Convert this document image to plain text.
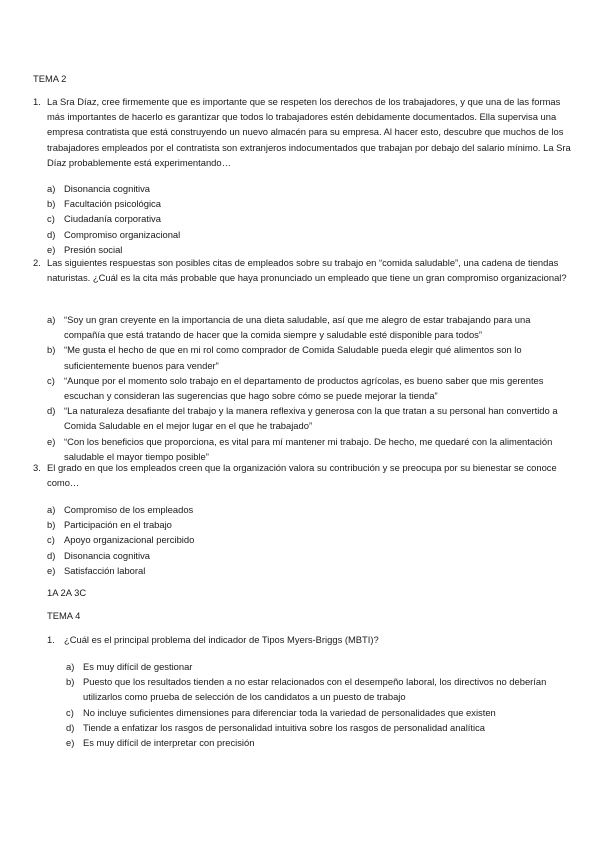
TEMA 2
1. La Sra Díaz, cree firmemente que es importante que se respeten los derechos de los trabajadores, y que una de las formas más importantes de hacerlo es garantizar que todos lo trabajadores estén debidamente documentados. Ella supervisa una empresa contratista que está construyendo un nuevo almacén para su empresa. Al hacer esto, descubre que muchos de los trabajadores empleados por el contratista son extranjeros indocumentados que trabajan por debajo del salario mínimo. La Sra Díaz probablemente está experimentando…
a) Disonancia cognitiva
b) Facultación psicológica
c) Ciudadanía corporativa
d) Compromiso organizacional
e) Presión social
2. Las siguientes respuestas son posibles citas de empleados sobre su trabajo en “comida saludable”, una cadena de tiendas naturistas. ¿Cuál es la cita más probable que haya pronunciado un empleado que tiene un gran compromiso organizacional?
a) “Soy un gran creyente en la importancia de una dieta saludable, así que me alegro de estar trabajando para una compañía que está tratando de hacer que la comida siempre y saludable esté disponible para todos”
b) “Me gusta el hecho de que en mi rol como comprador de Comida Saludable pueda elegir qué alimentos son lo suficientemente buenos para vender”
c) “Aunque por el momento solo trabajo en el departamento de productos agrícolas, es bueno saber que mis gerentes escuchan y consideran las sugerencias que hago sobre cómo se puede mejorar la tienda”
d) “La naturaleza desafiante del trabajo y la manera reflexiva y generosa con la que tratan a su personal han convertido a Comida Saludable en el mejor lugar en el que he trabajado”
e) “Con los beneficios que proporciona, es vital para mí mantener mi trabajo. De hecho, me quedaré con la alimentación saludable el mayor tiempo posible”
3. El grado en que los empleados creen que la organización valora su contribución y se preocupa por su bienestar se conoce como…
a) Compromiso de los empleados
b) Participación en el trabajo
c) Apoyo organizacional percibido
d) Disonancia cognitiva
e) Satisfacción laboral
1A 2A 3C
TEMA 4
1. ¿Cuál es el principal problema del indicador de Tipos Myers-Briggs (MBTI)?
a) Es muy difícil de gestionar
b) Puesto que los resultados tienden a no estar relacionados con el desempeño laboral, los directivos no deberían utilizarlos como prueba de selección de los candidatos a un puesto de trabajo
c) No incluye suficientes dimensiones para diferenciar toda la variedad de personalidades que existen
d) Tiende a enfatizar los rasgos de personalidad intuitiva sobre los rasgos de personalidad analítica
e) Es muy difícil de interpretar con precisión
